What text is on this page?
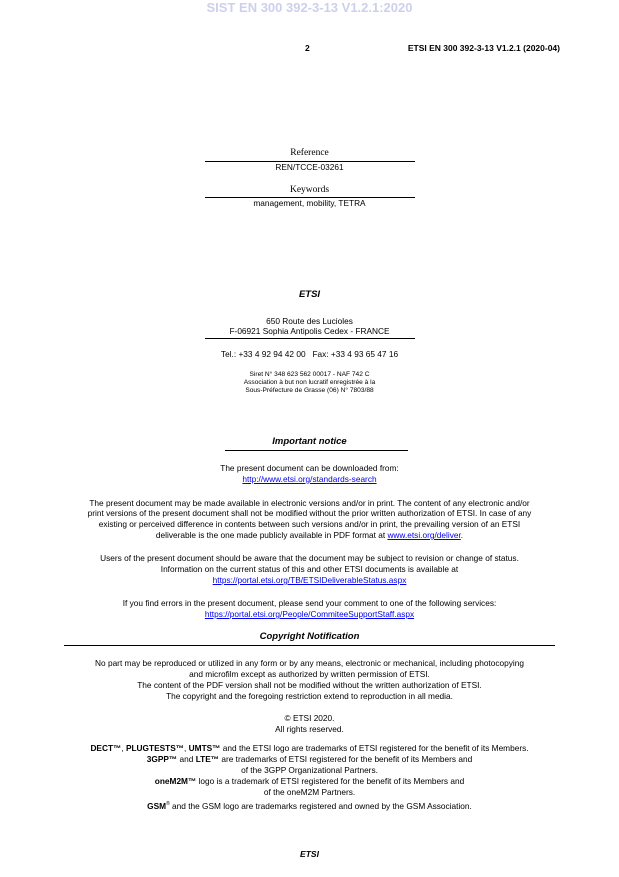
SIST EN 300 392-3-13 V1.2.1:2020
2	ETSI EN 300 392-3-13 V1.2.1 (2020-04)
Reference
REN/TCCE-03261
Keywords
management, mobility, TETRA
ETSI
650 Route des Lucioles
F-06921 Sophia Antipolis Cedex - FRANCE
Tel.: +33 4 92 94 42 00   Fax: +33 4 93 65 47 16
Siret N° 348 623 562 00017 - NAF 742 C
Association à but non lucratif enregistrée à la
Sous-Préfecture de Grasse (06) N° 7803/88
Important notice
The present document can be downloaded from:
http://www.etsi.org/standards-search
The present document may be made available in electronic versions and/or in print. The content of any electronic and/or
print versions of the present document shall not be modified without the prior written authorization of ETSI. In case of any
existing or perceived difference in contents between such versions and/or in print, the prevailing version of an ETSI
deliverable is the one made publicly available in PDF format at www.etsi.org/deliver.
Users of the present document should be aware that the document may be subject to revision or change of status.
Information on the current status of this and other ETSI documents is available at
https://portal.etsi.org/TB/ETSIDeliverableStatus.aspx
If you find errors in the present document, please send your comment to one of the following services:
https://portal.etsi.org/People/CommiteeSupportStaff.aspx
Copyright Notification
No part may be reproduced or utilized in any form or by any means, electronic or mechanical, including photocopying
and microfilm except as authorized by written permission of ETSI.
The content of the PDF version shall not be modified without the written authorization of ETSI.
The copyright and the foregoing restriction extend to reproduction in all media.
© ETSI 2020.
All rights reserved.
DECT™, PLUGTESTS™, UMTS™ and the ETSI logo are trademarks of ETSI registered for the benefit of its Members.
3GPP™ and LTE™ are trademarks of ETSI registered for the benefit of its Members and
of the 3GPP Organizational Partners.
oneM2M™ logo is a trademark of ETSI registered for the benefit of its Members and
of the oneM2M Partners.
GSM® and the GSM logo are trademarks registered and owned by the GSM Association.
ETSI
